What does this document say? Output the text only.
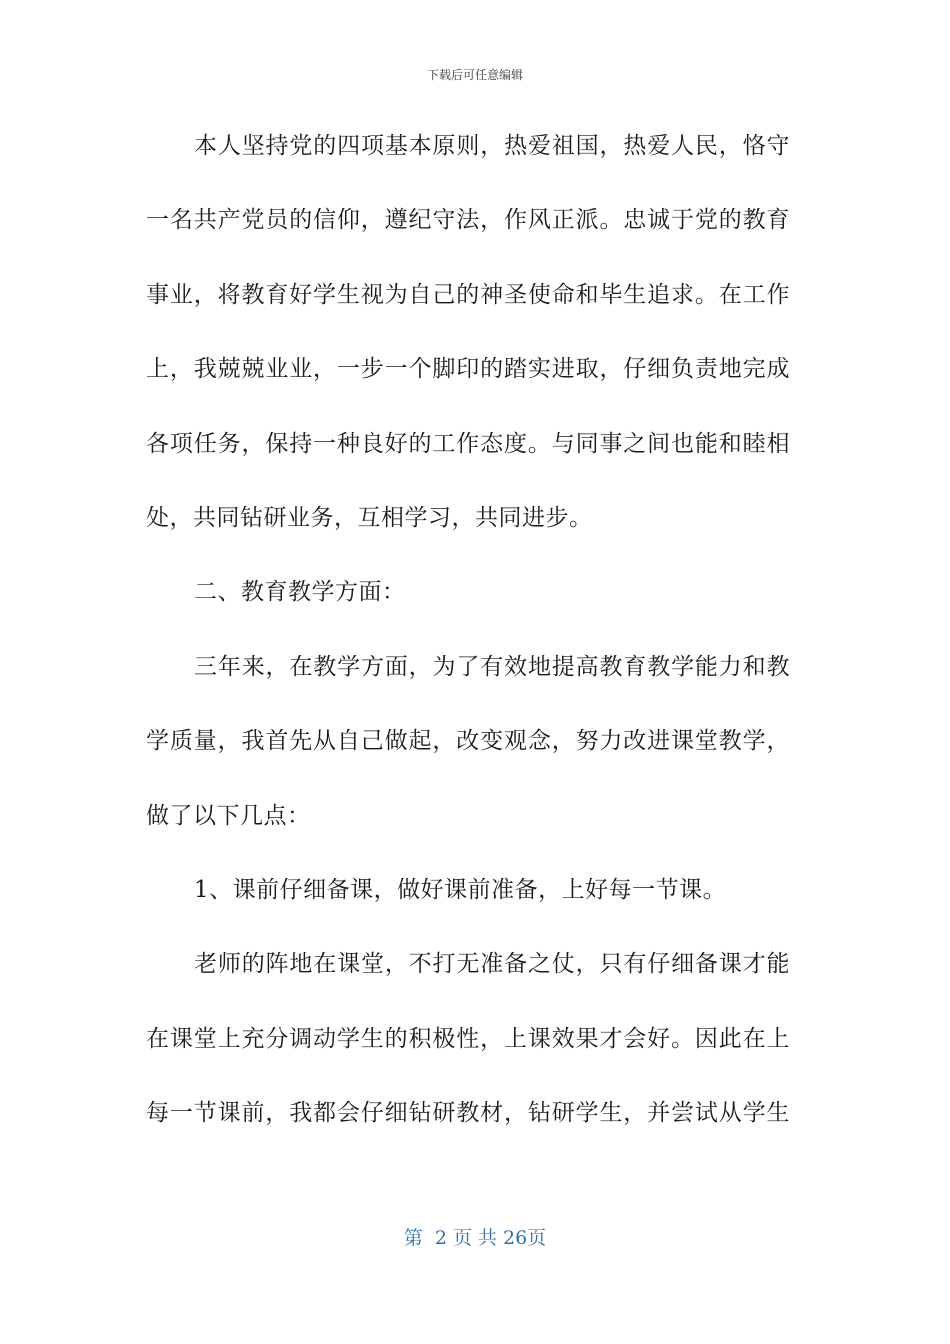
下载后可任意编辑
本人坚持党的四项基本原则，热爱祖国，热爱人民，恪守
一名共产党员的信仰，遵纪守法，作风正派。忠诚于党的教育
事业，将教育好学生视为自己的神圣使命和毕生追求。在工作
上，我兢兢业业，一步一个脚印的踏实进取，仔细负责地完成
各项任务，保持一种良好的工作态度。与同事之间也能和睦相
处，共同钻研业务，互相学习，共同进步。
二、教育教学方面：
三年来，在教学方面，为了有效地提高教育教学能力和教
学质量，我首先从自己做起，改变观念，努力改进课堂教学，
做了以下几点：
1、课前仔细备课，做好课前准备，上好每一节课。
老师的阵地在课堂，不打无准备之仗，只有仔细备课才能
在课堂上充分调动学生的积极性，上课效果才会好。因此在上
每一节课前，我都会仔细钻研教材，钻研学生，并尝试从学生
第  2 页 共 26页
